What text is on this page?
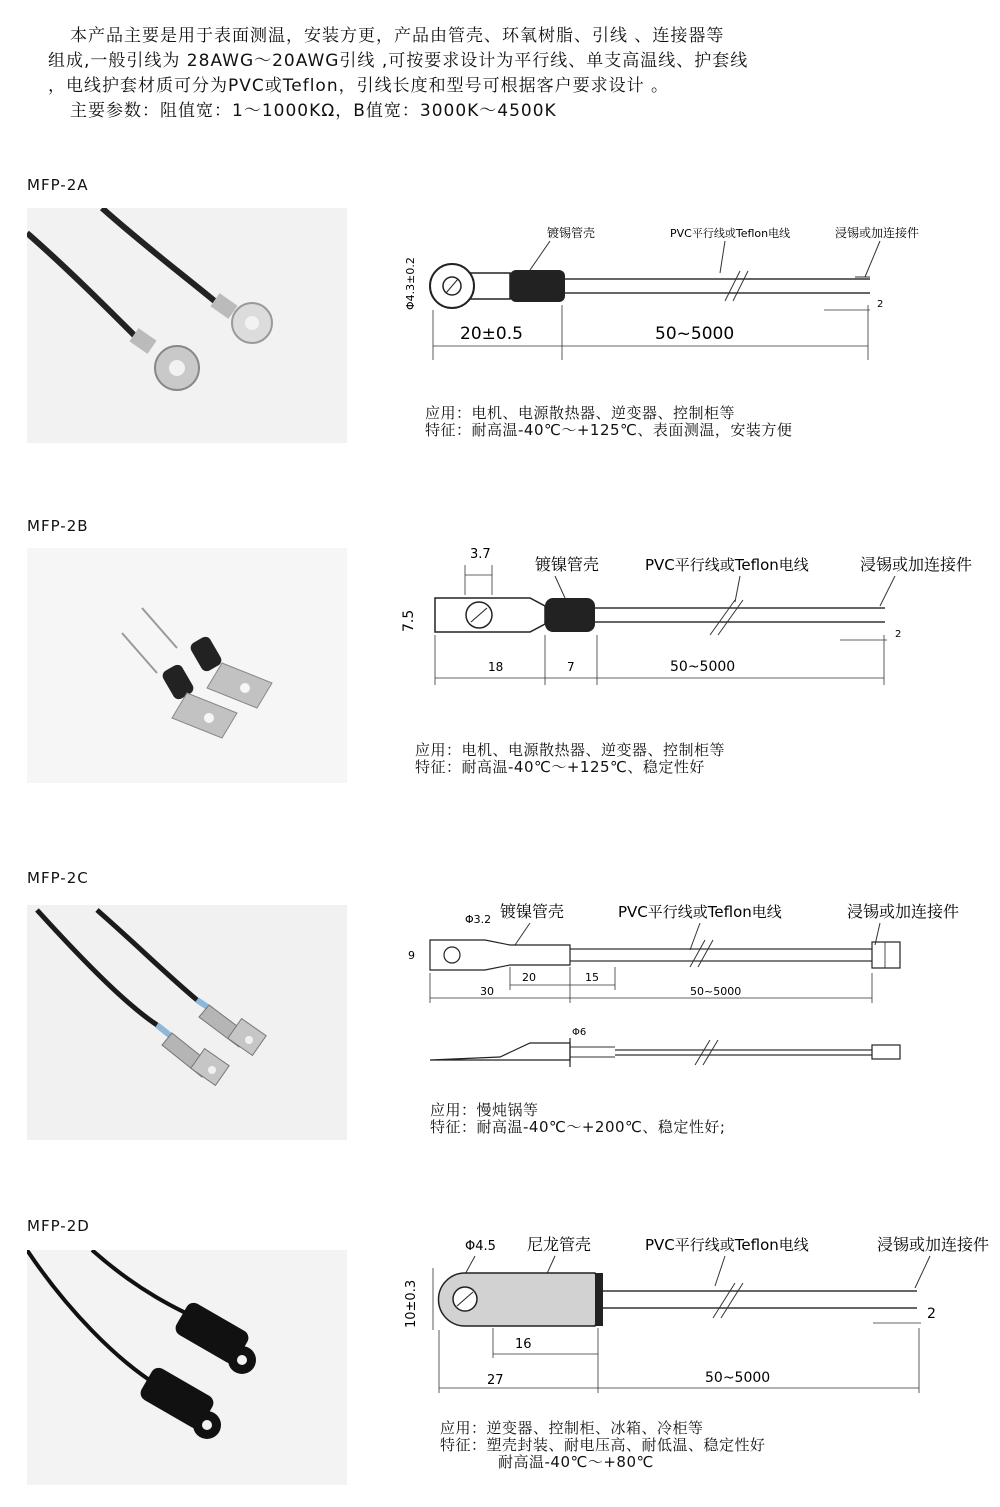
本产品主要是用于表面测温，安装方更，产品由管壳、环氧树脂、引线 、连接器等

组成,一般引线为 28AWG～20AWG引线 ,可按要求设计为平行线、单支高温线、护套线

，电线护套材质可分为PVC或Teflon，引线长度和型号可根据客户要求设计 。

主要参数：阻值宽：1～1000KΩ，B值宽：3000K～4500K

MFP-2A
镀锡管壳	PVC平行线或Teflon电线	浸锡或加连接件
Φ4.3±0.2
20±0.5	50~5000
2

应用：电机、电源散热器、逆变器、控制柜等

特征：耐高温-40℃～+125℃、表面测温，安装方便

MFP-2B
3.7
镀镍管壳	PVC平行线或Teflon电线	浸锡或加连接件
7.5
18	7	50~5000
2

应用：电机、电源散热器、逆变器、控制柜等

特征：耐高温-40℃～+125℃、稳定性好

MFP-2C
Φ3.2 镀镍管壳	PVC平行线或Teflon电线	浸锡或加连接件
9
20	15
30	50~5000
Φ6

应用：慢炖锅等

特征：耐高温-40℃～+200℃、稳定性好;

MFP-2D
Φ4.5 尼龙管壳	PVC平行线或Teflon电线	浸锡或加连接件
10±0.3
16
27	50~5000
2

应用：逆变器、控制柜、冰箱、冷柜等

特征：塑壳封装、耐电压高、耐低温、稳定性好

耐高温-40℃～+80℃
